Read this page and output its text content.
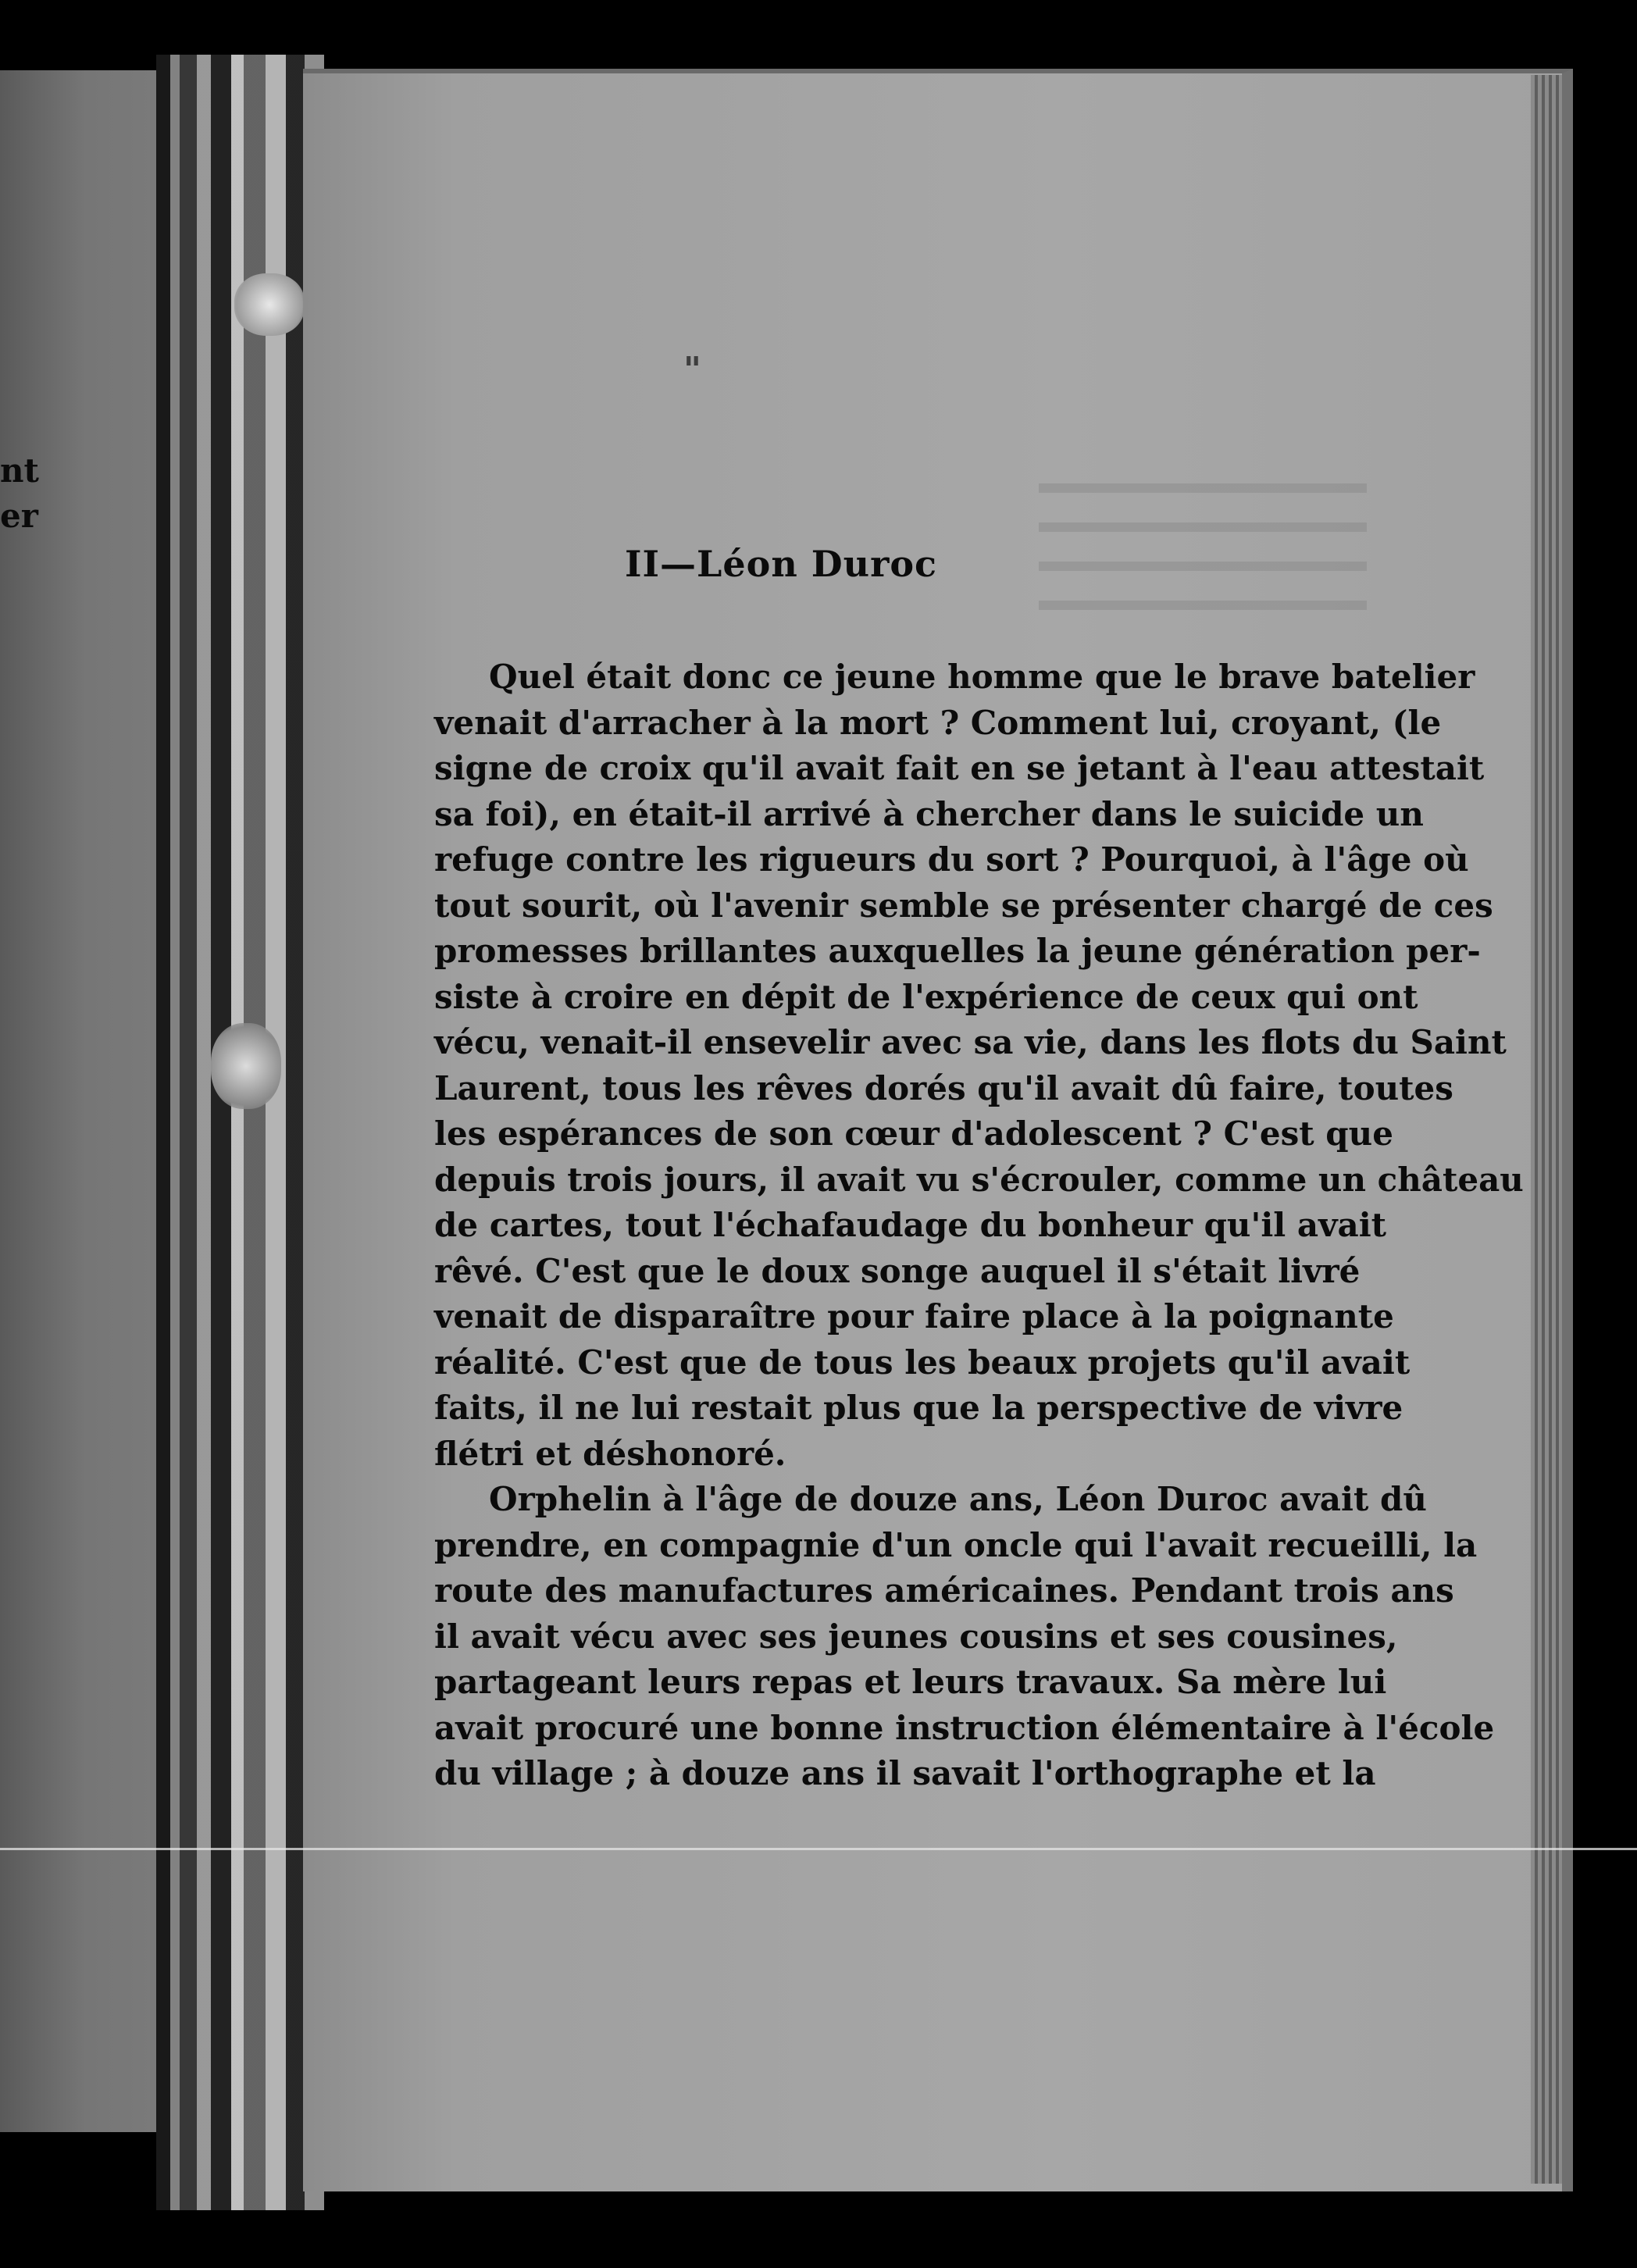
nt
er

"
II—Léon Duroc
Quel était donc ce jeune homme que le brave batelier
venait d'arracher à la mort ? Comment lui, croyant, (le
signe de croix qu'il avait fait en se jetant à l'eau attestait
sa foi), en était-il arrivé à chercher dans le suicide un
refuge contre les rigueurs du sort ? Pourquoi, à l'âge où
tout sourit, où l'avenir semble se présenter chargé de ces
promesses brillantes auxquelles la jeune génération per-
siste à croire en dépit de l'expérience de ceux qui ont
vécu, venait-il ensevelir avec sa vie, dans les flots du Saint
Laurent, tous les rêves dorés qu'il avait dû faire, toutes
les espérances de son cœur d'adolescent ? C'est que
depuis trois jours, il avait vu s'écrouler, comme un château
de cartes, tout l'échafaudage du bonheur qu'il avait
rêvé. C'est que le doux songe auquel il s'était livré
venait de disparaître pour faire place à la poignante
réalité. C'est que de tous les beaux projets qu'il avait
faits, il ne lui restait plus que la perspective de vivre
flétri et déshonoré.
Orphelin à l'âge de douze ans, Léon Duroc avait dû
prendre, en compagnie d'un oncle qui l'avait recueilli, la
route des manufactures américaines. Pendant trois ans
il avait vécu avec ses jeunes cousins et ses cousines,
partageant leurs repas et leurs travaux. Sa mère lui
avait procuré une bonne instruction élémentaire à l'école
du village ; à douze ans il savait l'orthographe et la
